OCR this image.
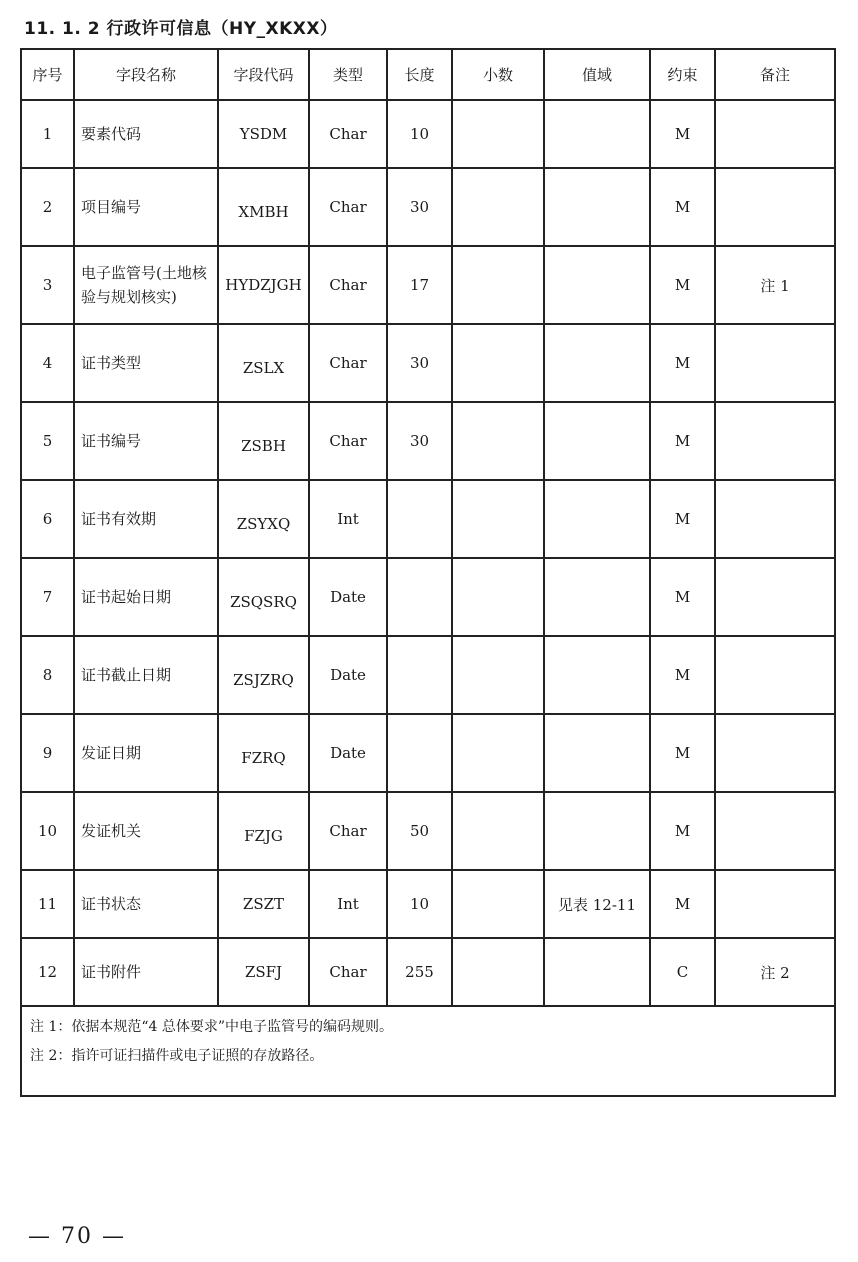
11. 1. 2 行政许可信息（HY_XKXX）
序号	字段名称	字段代码	类型	长度	小数	值域	约束	备注
1	要素代码	YSDM	Char	10			M	
2	项目编号	XMBH	Char	30			M	
3	电子监管号(土地核验与规划核实)	HYDZJGH	Char	17			M	注 1
4	证书类型	ZSLX	Char	30			M	
5	证书编号	ZSBH	Char	30			M	
6	证书有效期	ZSYXQ	Int				M	
7	证书起始日期	ZSQSRQ	Date				M	
8	证书截止日期	ZSJZRQ	Date				M	
9	发证日期	FZRQ	Date				M	
10	发证机关	FZJG	Char	50			M	
11	证书状态	ZSZT	Int	10		见表 12-11	M	
12	证书附件	ZSFJ	Char	255			C	注 2

注 1：依据本规范“4 总体要求”中电子监管号的编码规则。
注 2：指许可证扫描件或电子证照的存放路径。								
— 70 —
